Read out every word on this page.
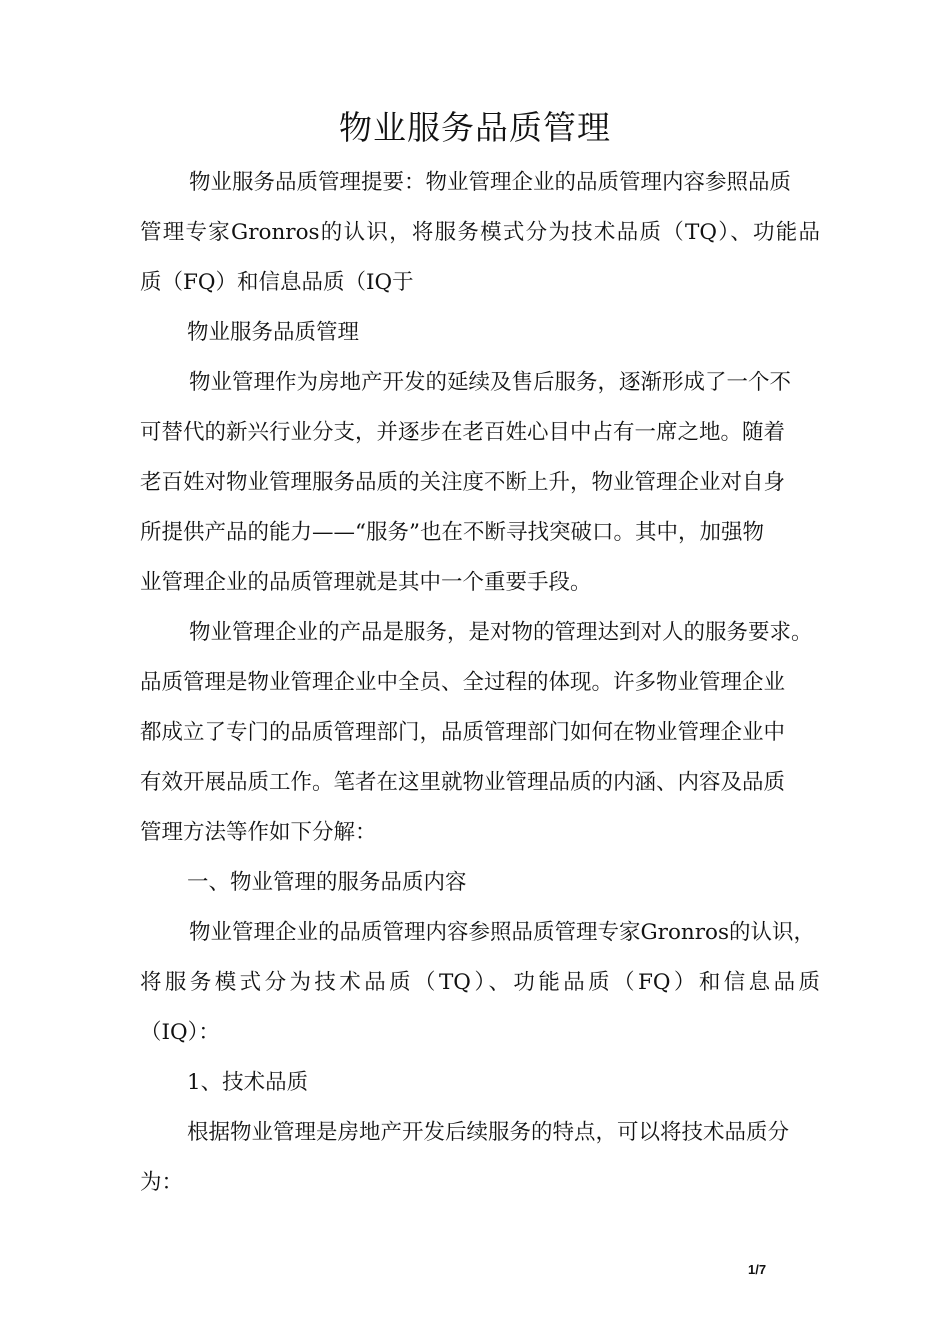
物业服务品质管理
物业服务品质管理提要：物业管理企业的品质管理内容参照品质
管理专家Gronros的认识，将服务模式分为技术品质（TQ）、功能品
质（FQ）和信息品质（IQ于
物业服务品质管理
物业管理作为房地产开发的延续及售后服务，逐渐形成了一个不
可替代的新兴行业分支，并逐步在老百姓心目中占有一席之地。随着
老百姓对物业管理服务品质的关注度不断上升，物业管理企业对自身
所提供产品的能力——“服务”也在不断寻找突破口。其中，加强物
业管理企业的品质管理就是其中一个重要手段。
物业管理企业的产品是服务，是对物的管理达到对人的服务要求。
品质管理是物业管理企业中全员、全过程的体现。许多物业管理企业
都成立了专门的品质管理部门，品质管理部门如何在物业管理企业中
有效开展品质工作。笔者在这里就物业管理品质的内涵、内容及品质
管理方法等作如下分解：
一、物业管理的服务品质内容
物业管理企业的品质管理内容参照品质管理专家Gronros的认识，
将服务模式分为技术品质（TQ）、功能品质（FQ）和信息品质
（IQ）：
1、技术品质
根据物业管理是房地产开发后续服务的特点，可以将技术品质分
为：
1/7
